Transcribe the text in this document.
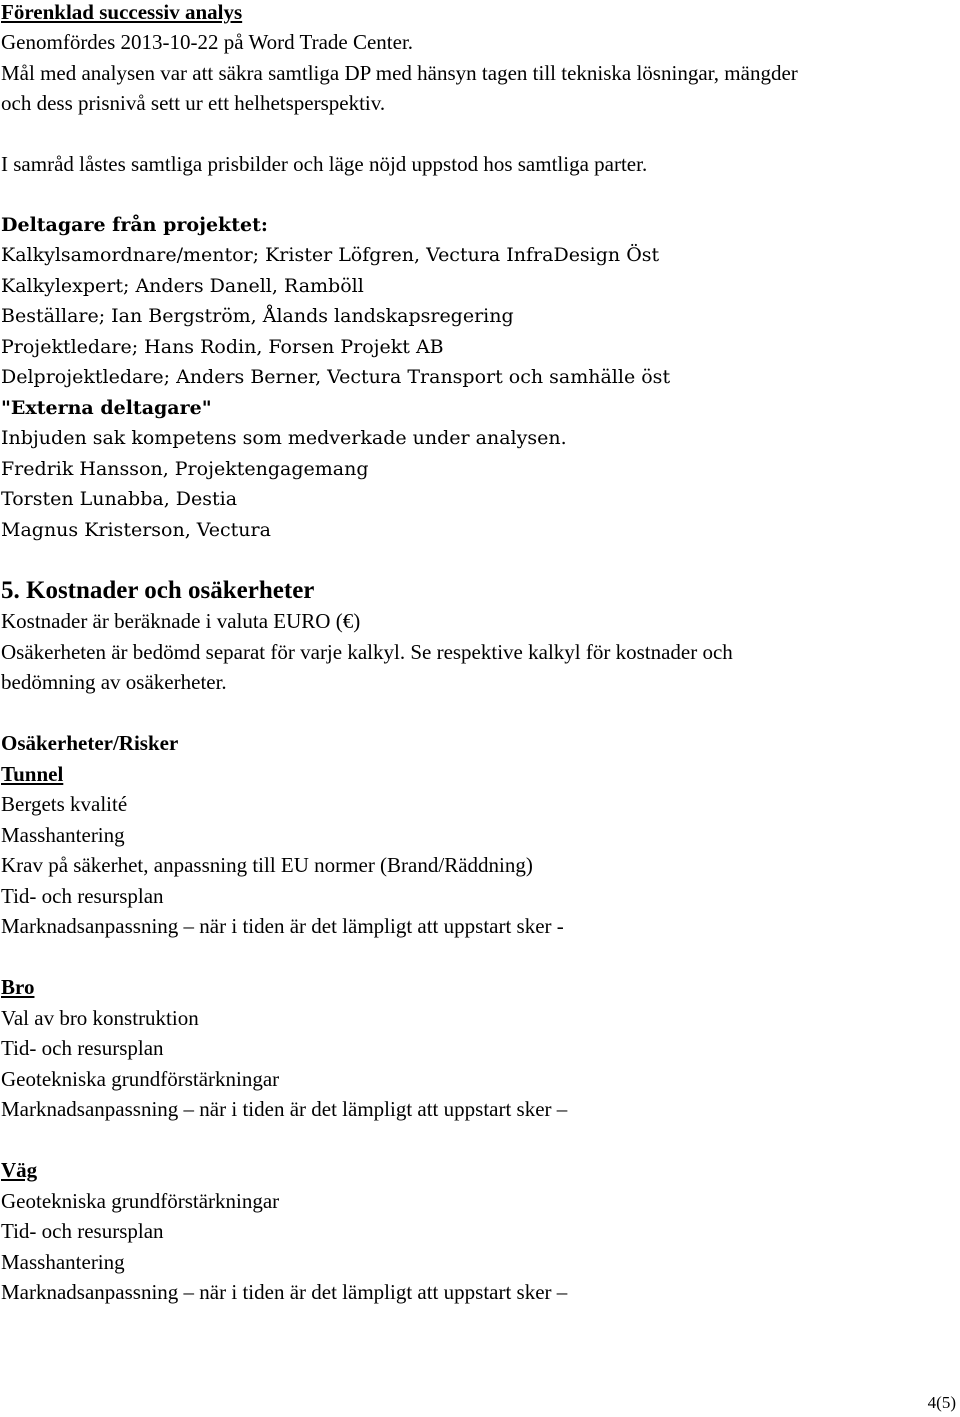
Förenklad successiv analys
Genomfördes 2013-10-22 på Word Trade Center.
Mål med analysen var att säkra samtliga DP med hänsyn tagen till tekniska lösningar, mängder
och dess prisnivå sett ur ett helhetsperspektiv.
I samråd låstes samtliga prisbilder och läge nöjd uppstod hos samtliga parter.
Deltagare från projektet:
Kalkylsamordnare/mentor; Krister Löfgren, Vectura InfraDesign Öst
Kalkylexpert; Anders Danell, Ramböll
Beställare; Ian Bergström, Ålands landskapsregering
Projektledare; Hans Rodin, Forsen Projekt AB
Delprojektledare; Anders Berner, Vectura Transport och samhälle öst
"Externa deltagare"
Inbjuden sak kompetens som medverkade under analysen.
Fredrik Hansson, Projektengagemang
Torsten Lunabba, Destia
Magnus Kristerson, Vectura
5. Kostnader och osäkerheter
Kostnader är beräknade i valuta EURO (€)
Osäkerheten är bedömd separat för varje kalkyl. Se respektive kalkyl för kostnader och
bedömning av osäkerheter.
Osäkerheter/Risker
Tunnel
Bergets kvalité
Masshantering
Krav på säkerhet, anpassning till EU normer (Brand/Räddning)
Tid- och resursplan
Marknadsanpassning – när i tiden är det lämpligt att uppstart sker -
Bro
Val av bro konstruktion
Tid- och resursplan
Geotekniska grundförstärkningar
Marknadsanpassning – när i tiden är det lämpligt att uppstart sker –
Väg
Geotekniska grundförstärkningar
Tid- och resursplan
Masshantering
Marknadsanpassning – när i tiden är det lämpligt att uppstart sker –
4(5)
